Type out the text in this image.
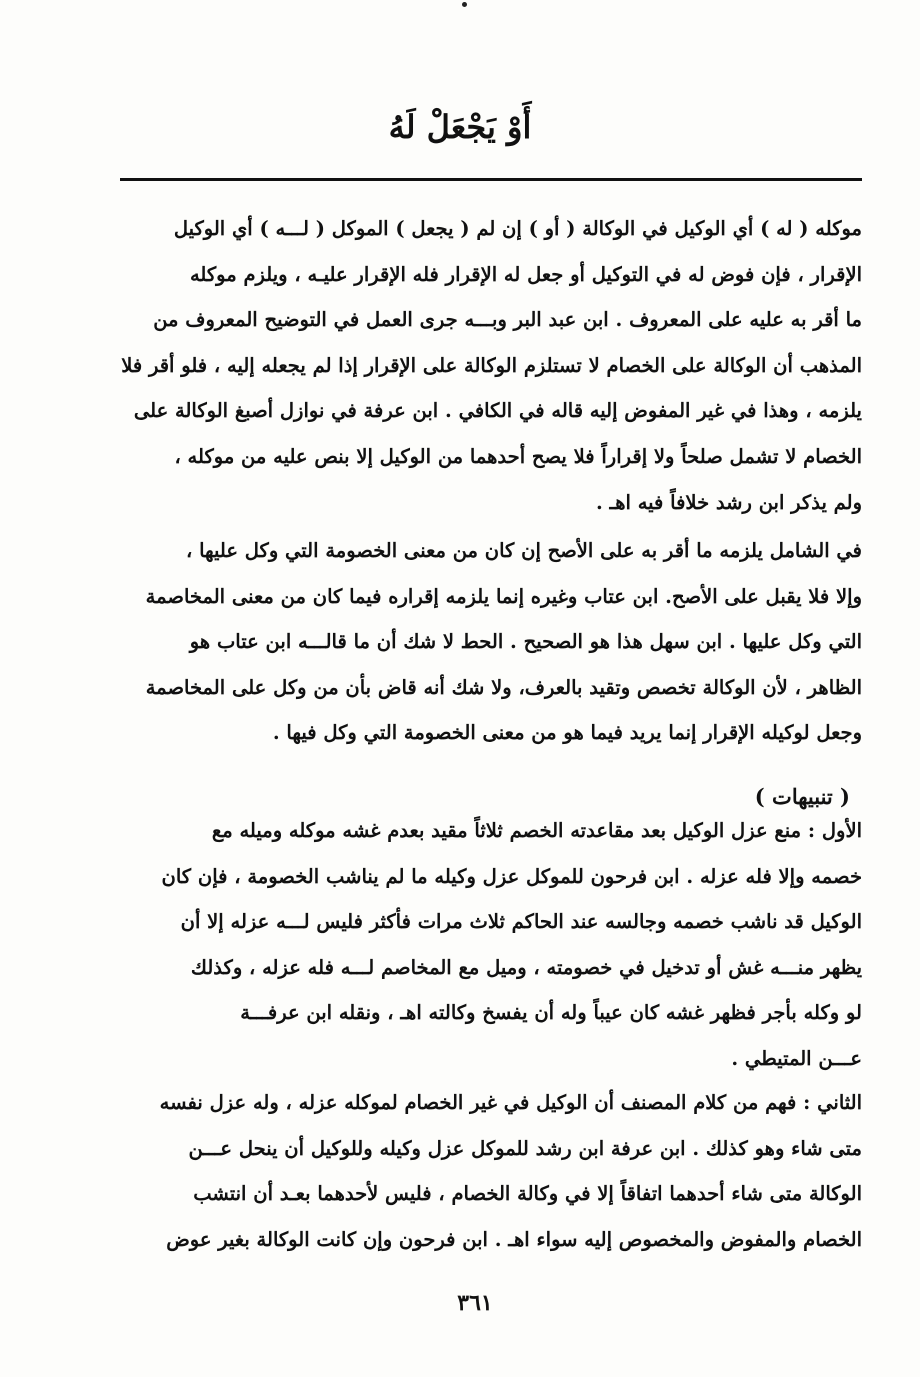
أَوْ يَجْعَلْ لَهُ
موكله ( له ) أي الوكيل في الوكالة ( أو ) إن لم ( يجعل ) الموكل ( لـــه ) أي الوكيل
الإقرار ، فإن فوض له في التوكيل أو جعل له الإقرار فله الإقرار عليـه ، ويلزم موكله
ما أقر به عليه على المعروف . ابن عبد البر وبـــه جرى العمل في التوضيح المعروف من
المذهب أن الوكالة على الخصام لا تستلزم الوكالة على الإقرار إذا لم يجعله إليه ، فلو أقر فلا
يلزمه ، وهذا في غير المفوض إليه قاله في الكافي . ابن عرفة في نوازل أصبغ الوكالة على
الخصام لا تشمل صلحاً ولا إقراراً فلا يصح أحدهما من الوكيل إلا بنص عليه من موكله ،
ولم يذكر ابن رشد خلافاً فيه اهـ .
في الشامل يلزمه ما أقر به على الأصح إن كان من معنى الخصومة التي وكل عليها ،
وإلا فلا يقبل على الأصح. ابن عتاب وغيره إنما يلزمه إقراره فيما كان من معنى المخاصمة
التي وكل عليها . ابن سهل هذا هو الصحيح . الحط لا شك أن ما قالـــه ابن عتاب هو
الظاهر ، لأن الوكالة تخصص وتقيد بالعرف، ولا شك أنه قاض بأن من وكل على المخاصمة
وجعل لوكيله الإقرار إنما يريد فيما هو من معنى الخصومة التي وكل فيها .
( تنبيهات )
الأول : منع عزل الوكيل بعد مقاعدته الخصم ثلاثاً مقيد بعدم غشه موكله وميله مع
خصمه وإلا فله عزله . ابن فرحون للموكل عزل وكيله ما لم يناشب الخصومة ، فإن كان
الوكيل قد ناشب خصمه وجالسه عند الحاكم ثلاث مرات فأكثر فليس لـــه عزله إلا أن
يظهر منـــه غش أو تدخيل في خصومته ، وميل مع المخاصم لـــه فله عزله ، وكذلك
لو وكله بأجر فظهر غشه كان عيباً وله أن يفسخ وكالته اهـ ، ونقله ابن عرفـــة
عـــن المتيطي .
الثاني : فهم من كلام المصنف أن الوكيل في غير الخصام لموكله عزله ، وله عزل نفسه
متى شاء وهو كذلك . ابن عرفة ابن رشد للموكل عزل وكيله وللوكيل أن ينحل عـــن
الوكالة متى شاء أحدهما اتفاقاً إلا في وكالة الخصام ، فليس لأحدهما بعـد أن انتشب
الخصام والمفوض والمخصوص إليه سواء اهـ . ابن فرحون وإن كانت الوكالة بغير عوض
٣٦١
